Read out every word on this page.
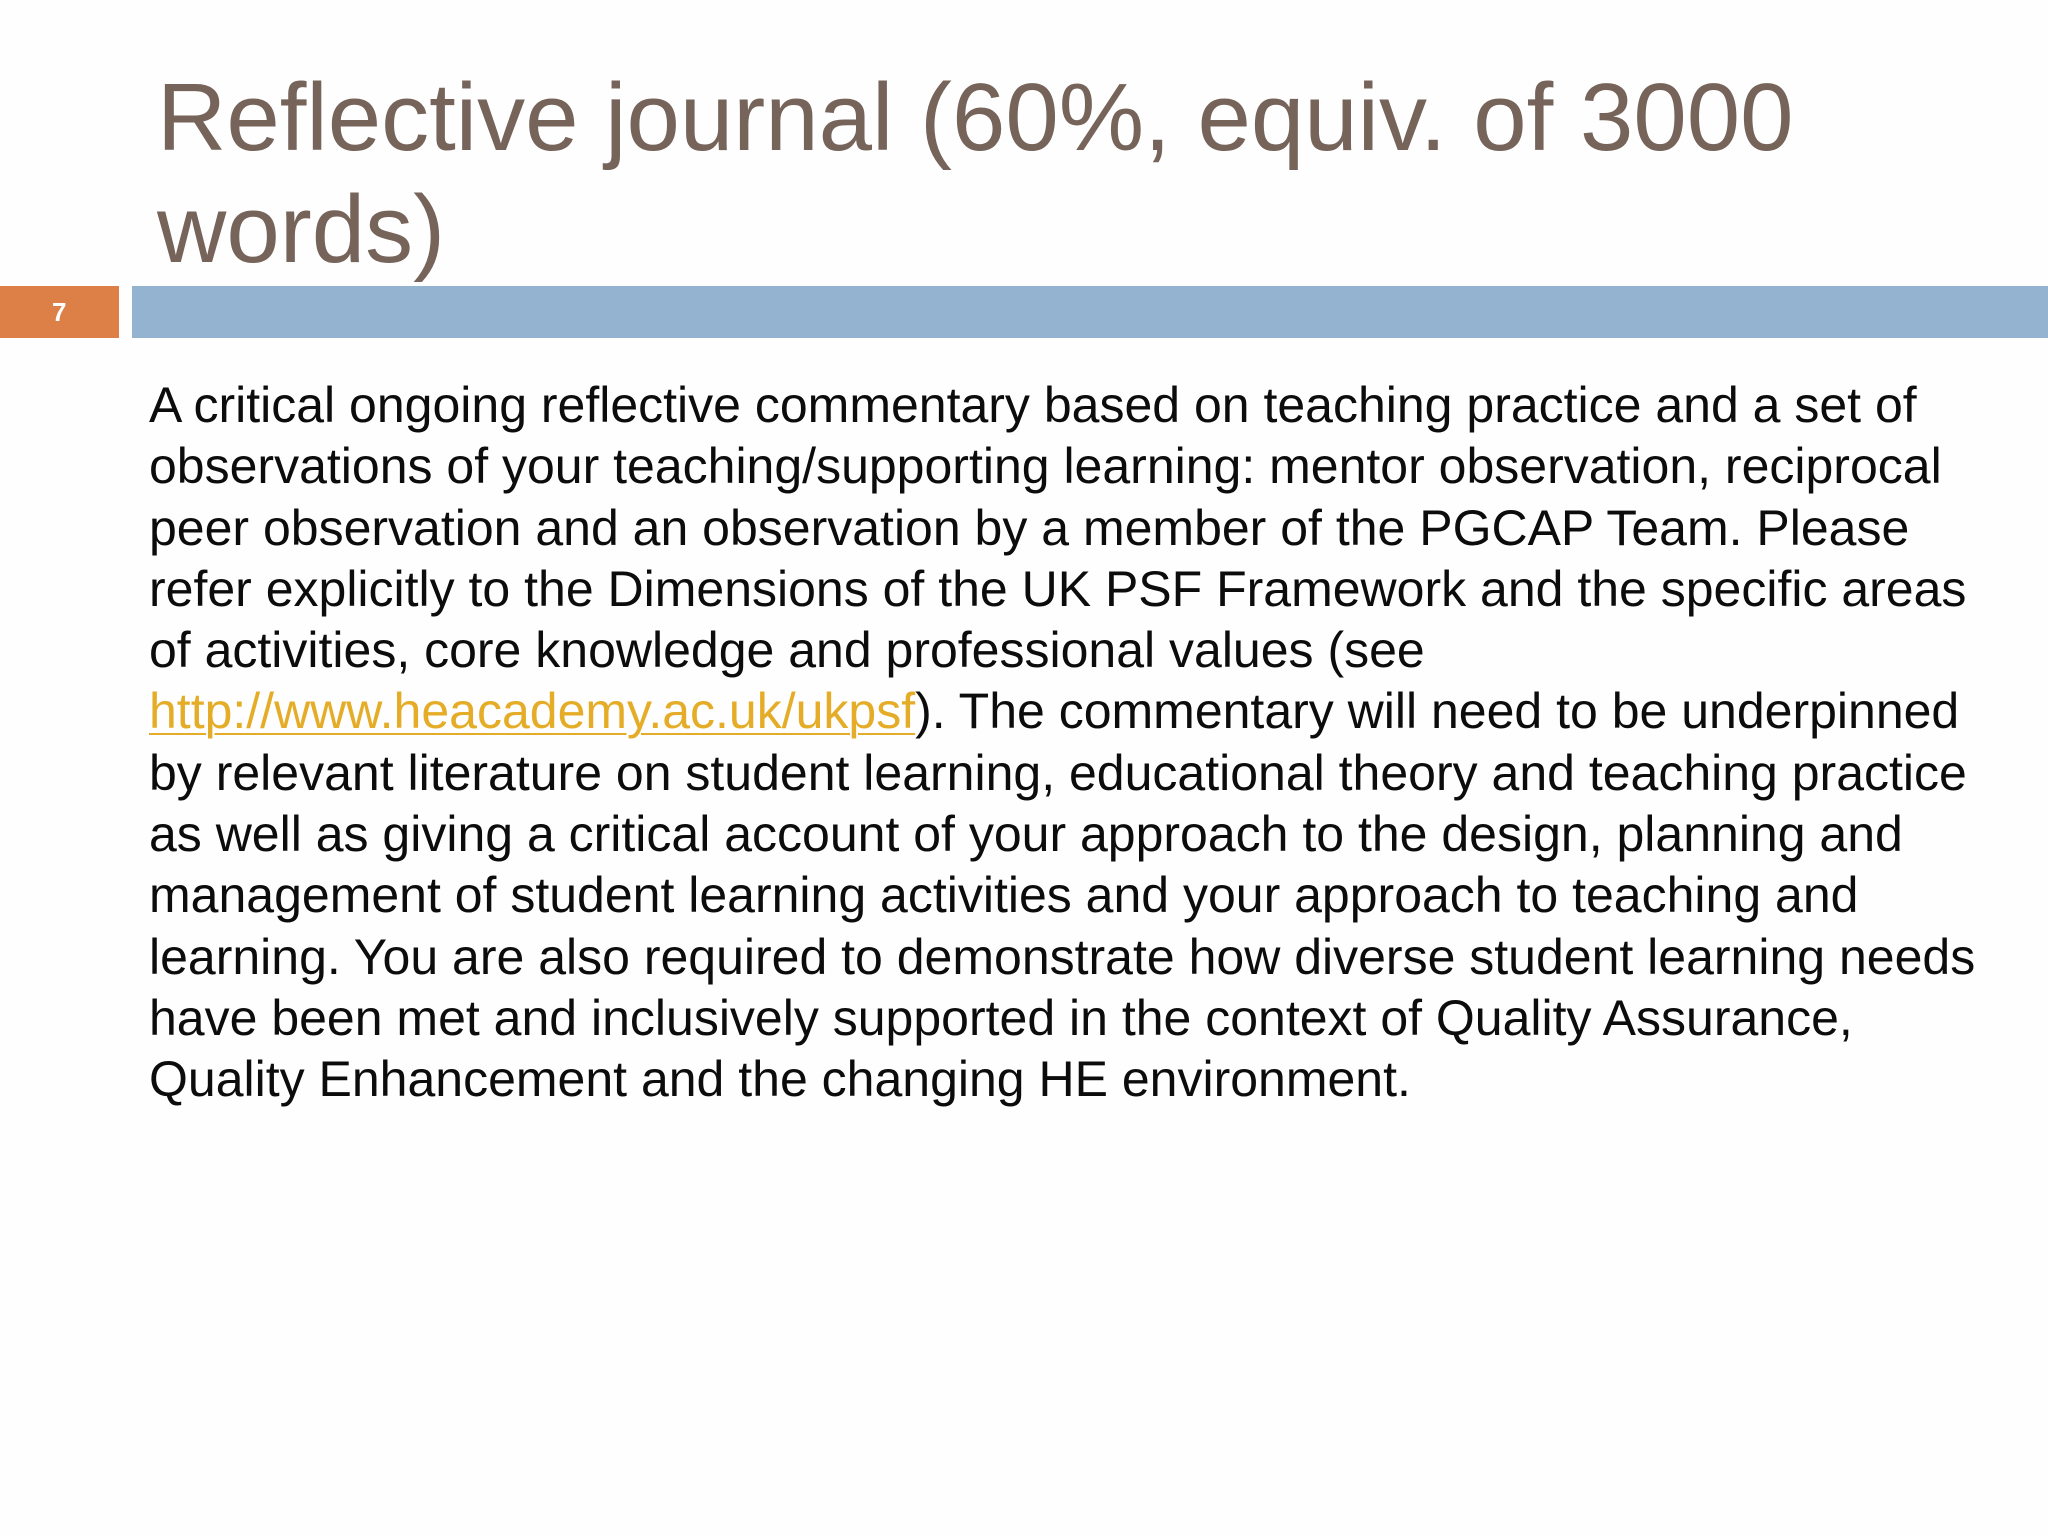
Reflective journal (60%, equiv. of 3000 words)
7

A critical ongoing reflective commentary based on teaching practice and a set of observations of your teaching/supporting learning: mentor observation, reciprocal peer observation and an observation by a member of the PGCAP Team. Please refer explicitly to the Dimensions of the UK PSF Framework and the specific areas of activities, core knowledge and professional values (see http://www.heacademy.ac.uk/ukpsf). The commentary will need to be underpinned by relevant literature on student learning, educational theory and teaching practice as well as giving a critical account of your approach to the design, planning and management of student learning activities and your approach to teaching and learning. You are also required to demonstrate how diverse student learning needs have been met and inclusively supported in the context of Quality Assurance, Quality Enhancement and the changing HE environment.
